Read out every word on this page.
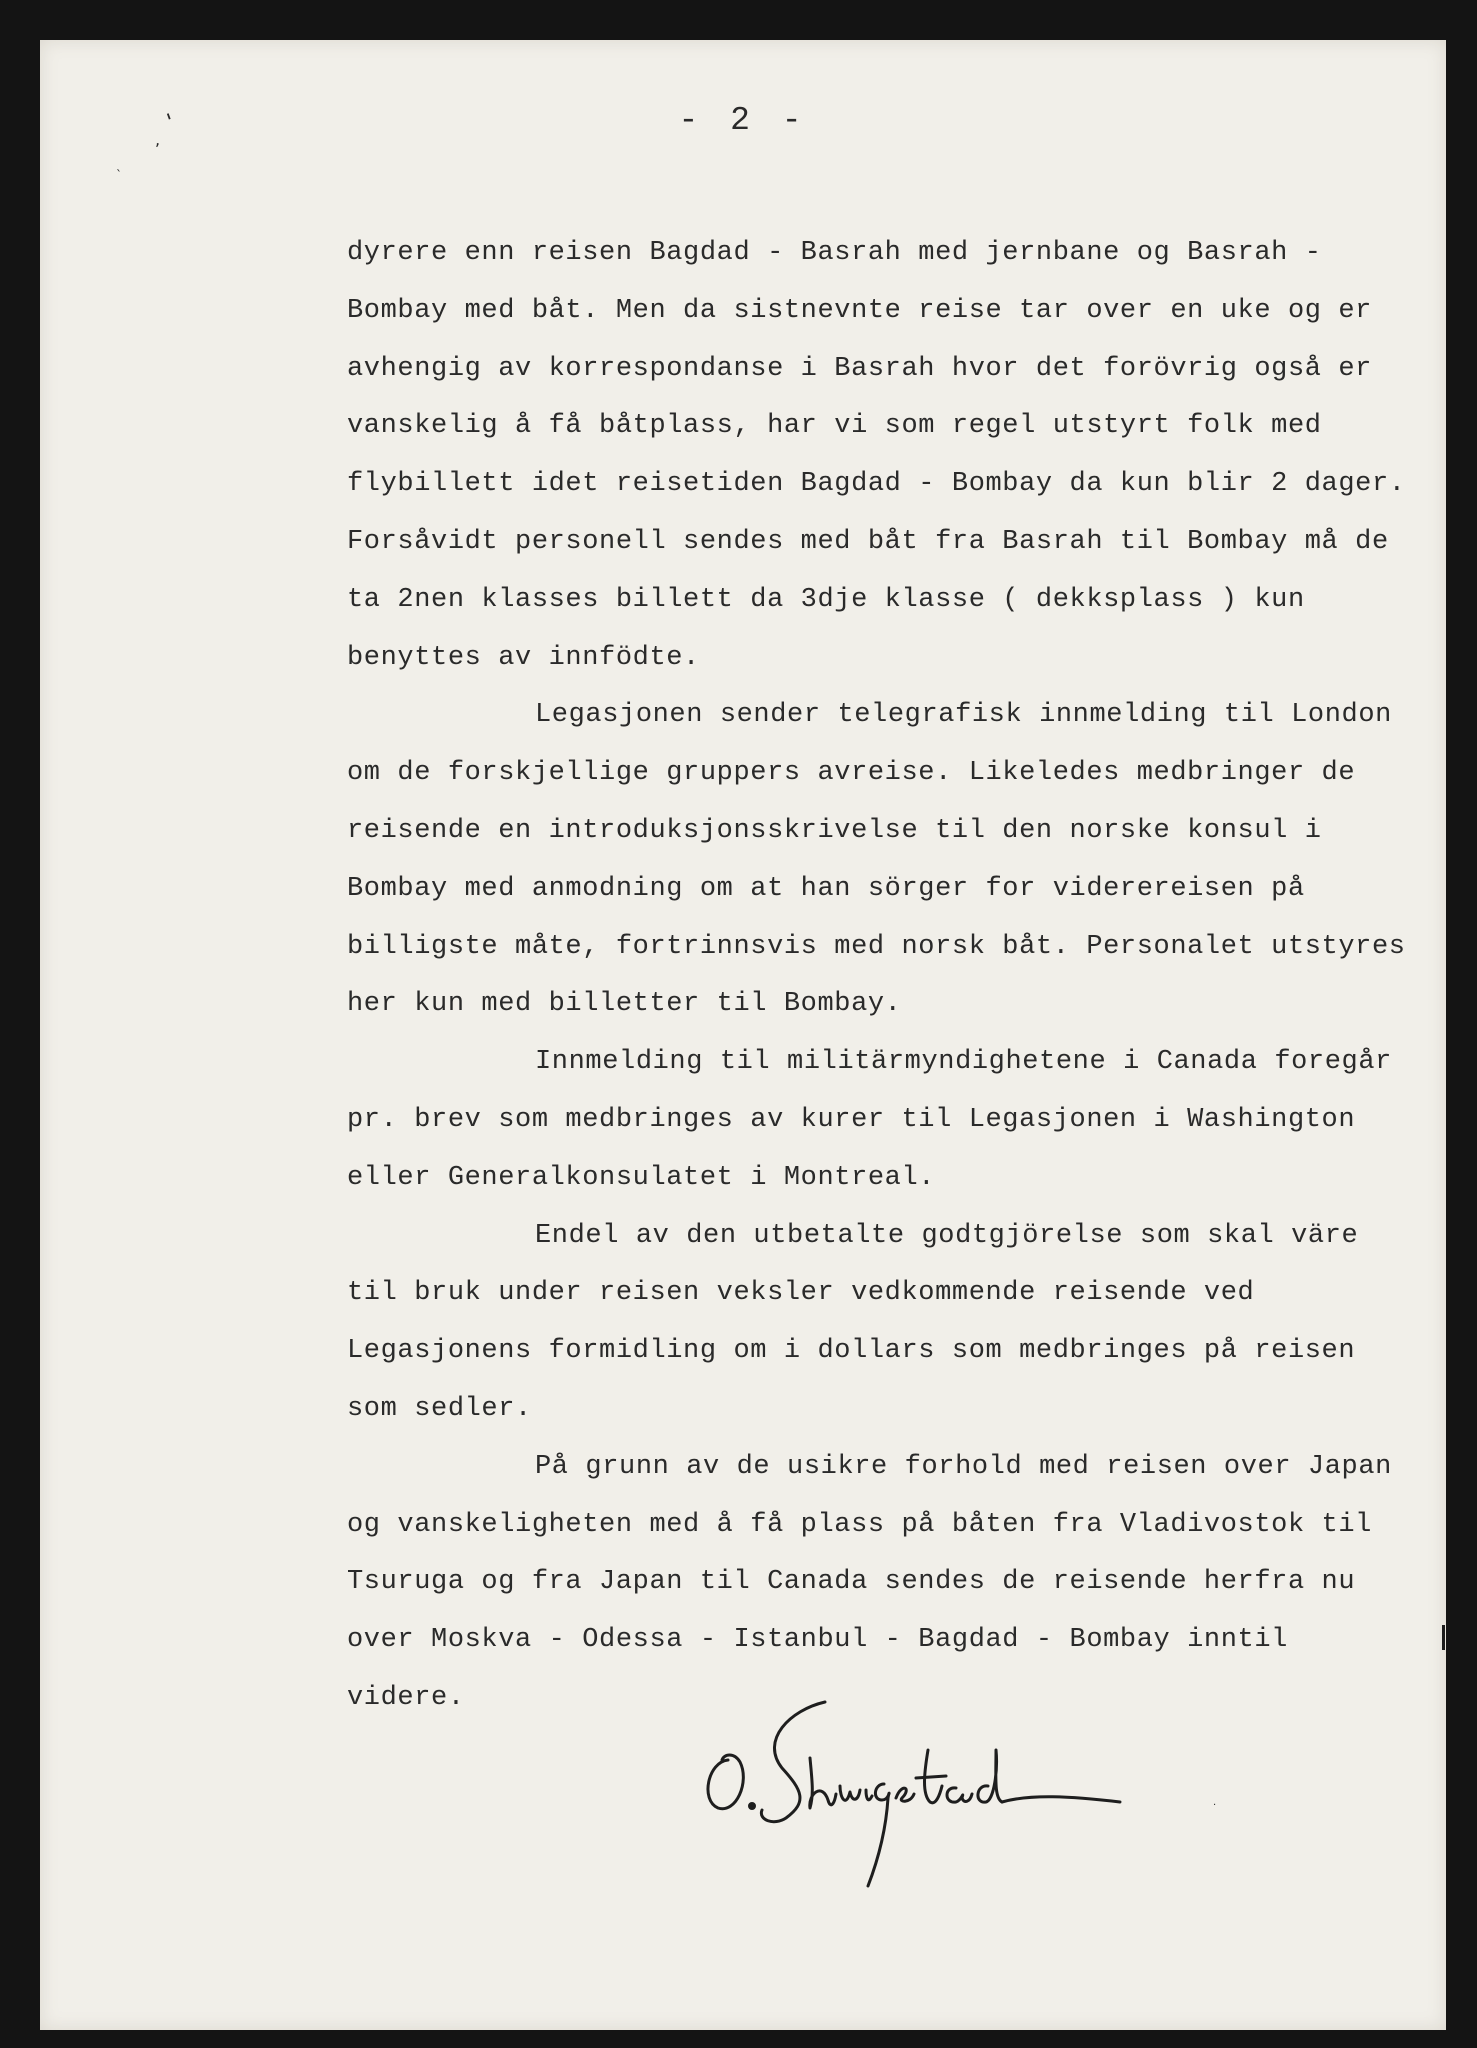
- 2 -
'
,
`
·

dyrere enn reisen Bagdad - Basrah med jernbane og Basrah - Bombay med båt. Men da sistnevnte reise tar over en uke og er avhengig av korrespondanse i Basrah hvor det forövrig også er vanskelig å få båtplass, har vi som regel utstyrt folk med flybillett idet reisetiden Bagdad - Bombay da kun blir 2 dager. Forsåvidt personell sendes med båt fra Basrah til Bombay må de ta 2nen klasses billett da 3dje klasse ( dekksplass ) kun benyttes av innfödte.

Legasjonen sender telegrafisk innmelding til London om de forskjellige gruppers avreise. Likeledes medbringer de reisende en introduksjonsskrivelse til den norske konsul i Bombay med anmodning om at han sörger for viderereisen på billigste måte, fortrinnsvis med norsk båt. Personalet utstyres her kun med billetter til Bombay.

Innmelding til militärmyndighetene i Canada foregår pr. brev som medbringes av kurer til Legasjonen i Washington eller Generalkonsulatet i Montreal.

Endel av den utbetalte godtgjörelse som skal väre til bruk under reisen veksler vedkommende reisende ved Legasjonens formidling om i dollars som medbringes på reisen som sedler.

På grunn av de usikre forhold med reisen over Japan og vanskeligheten med å få plass på båten fra Vladivostok til Tsuruga og fra Japan til Canada sendes de reisende herfra nu over Moskva - Odessa - Istanbul - Bagdad - Bombay inntil videre.
